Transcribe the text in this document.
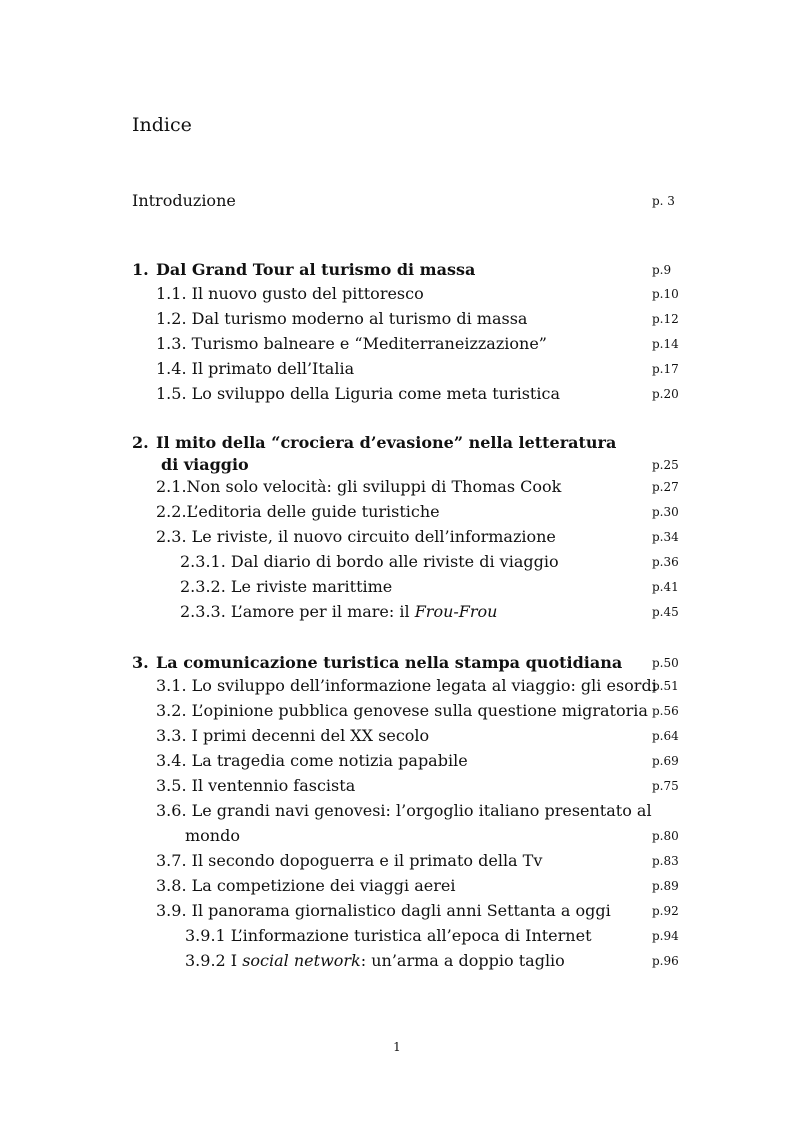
Indice
Introduzione	p. 3
1. Dal Grand Tour al turismo di massa	p.9
1.1. Il nuovo gusto del pittoresco	p.10
1.2. Dal turismo moderno al turismo di massa	p.12
1.3. Turismo balneare e “Mediterraneizzazione”	p.14
1.4. Il primato dell’Italia	p.17
1.5. Lo sviluppo della Liguria come meta turistica	p.20
2. Il mito della “crociera d’evasione” nella letteratura
di viaggio	p.25
2.1.Non solo velocità: gli sviluppi di Thomas Cook	p.27
2.2.L’editoria delle guide turistiche	p.30
2.3. Le riviste, il nuovo circuito dell’informazione	p.34
2.3.1. Dal diario di bordo alle riviste di viaggio	p.36
2.3.2. Le riviste marittime	p.41
2.3.3. L’amore per il mare: il Frou-Frou	p.45
3. La comunicazione turistica nella stampa quotidiana p.50
3.1. Lo sviluppo dell’informazione legata al viaggio: gli esordi
p.51
3.2. L’opinione pubblica genovese sulla questione migratoria p.56
3.3. I primi decenni del XX secolo	p.64
3.4. La tragedia come notizia papabile	p.69
3.5. Il ventennio fascista	p.75
3.6. Le grandi navi genovesi: l’orgoglio italiano presentato al
mondo	p.80
3.7. Il secondo dopoguerra e il primato della Tv	p.83
3.8. La competizione dei viaggi aerei	p.89
3.9. Il panorama giornalistico dagli anni Settanta a oggi	p.92
3.9.1 L’informazione turistica all’epoca di Internet	p.94
3.9.2 I social network: un’arma a doppio taglio	p.96
1
